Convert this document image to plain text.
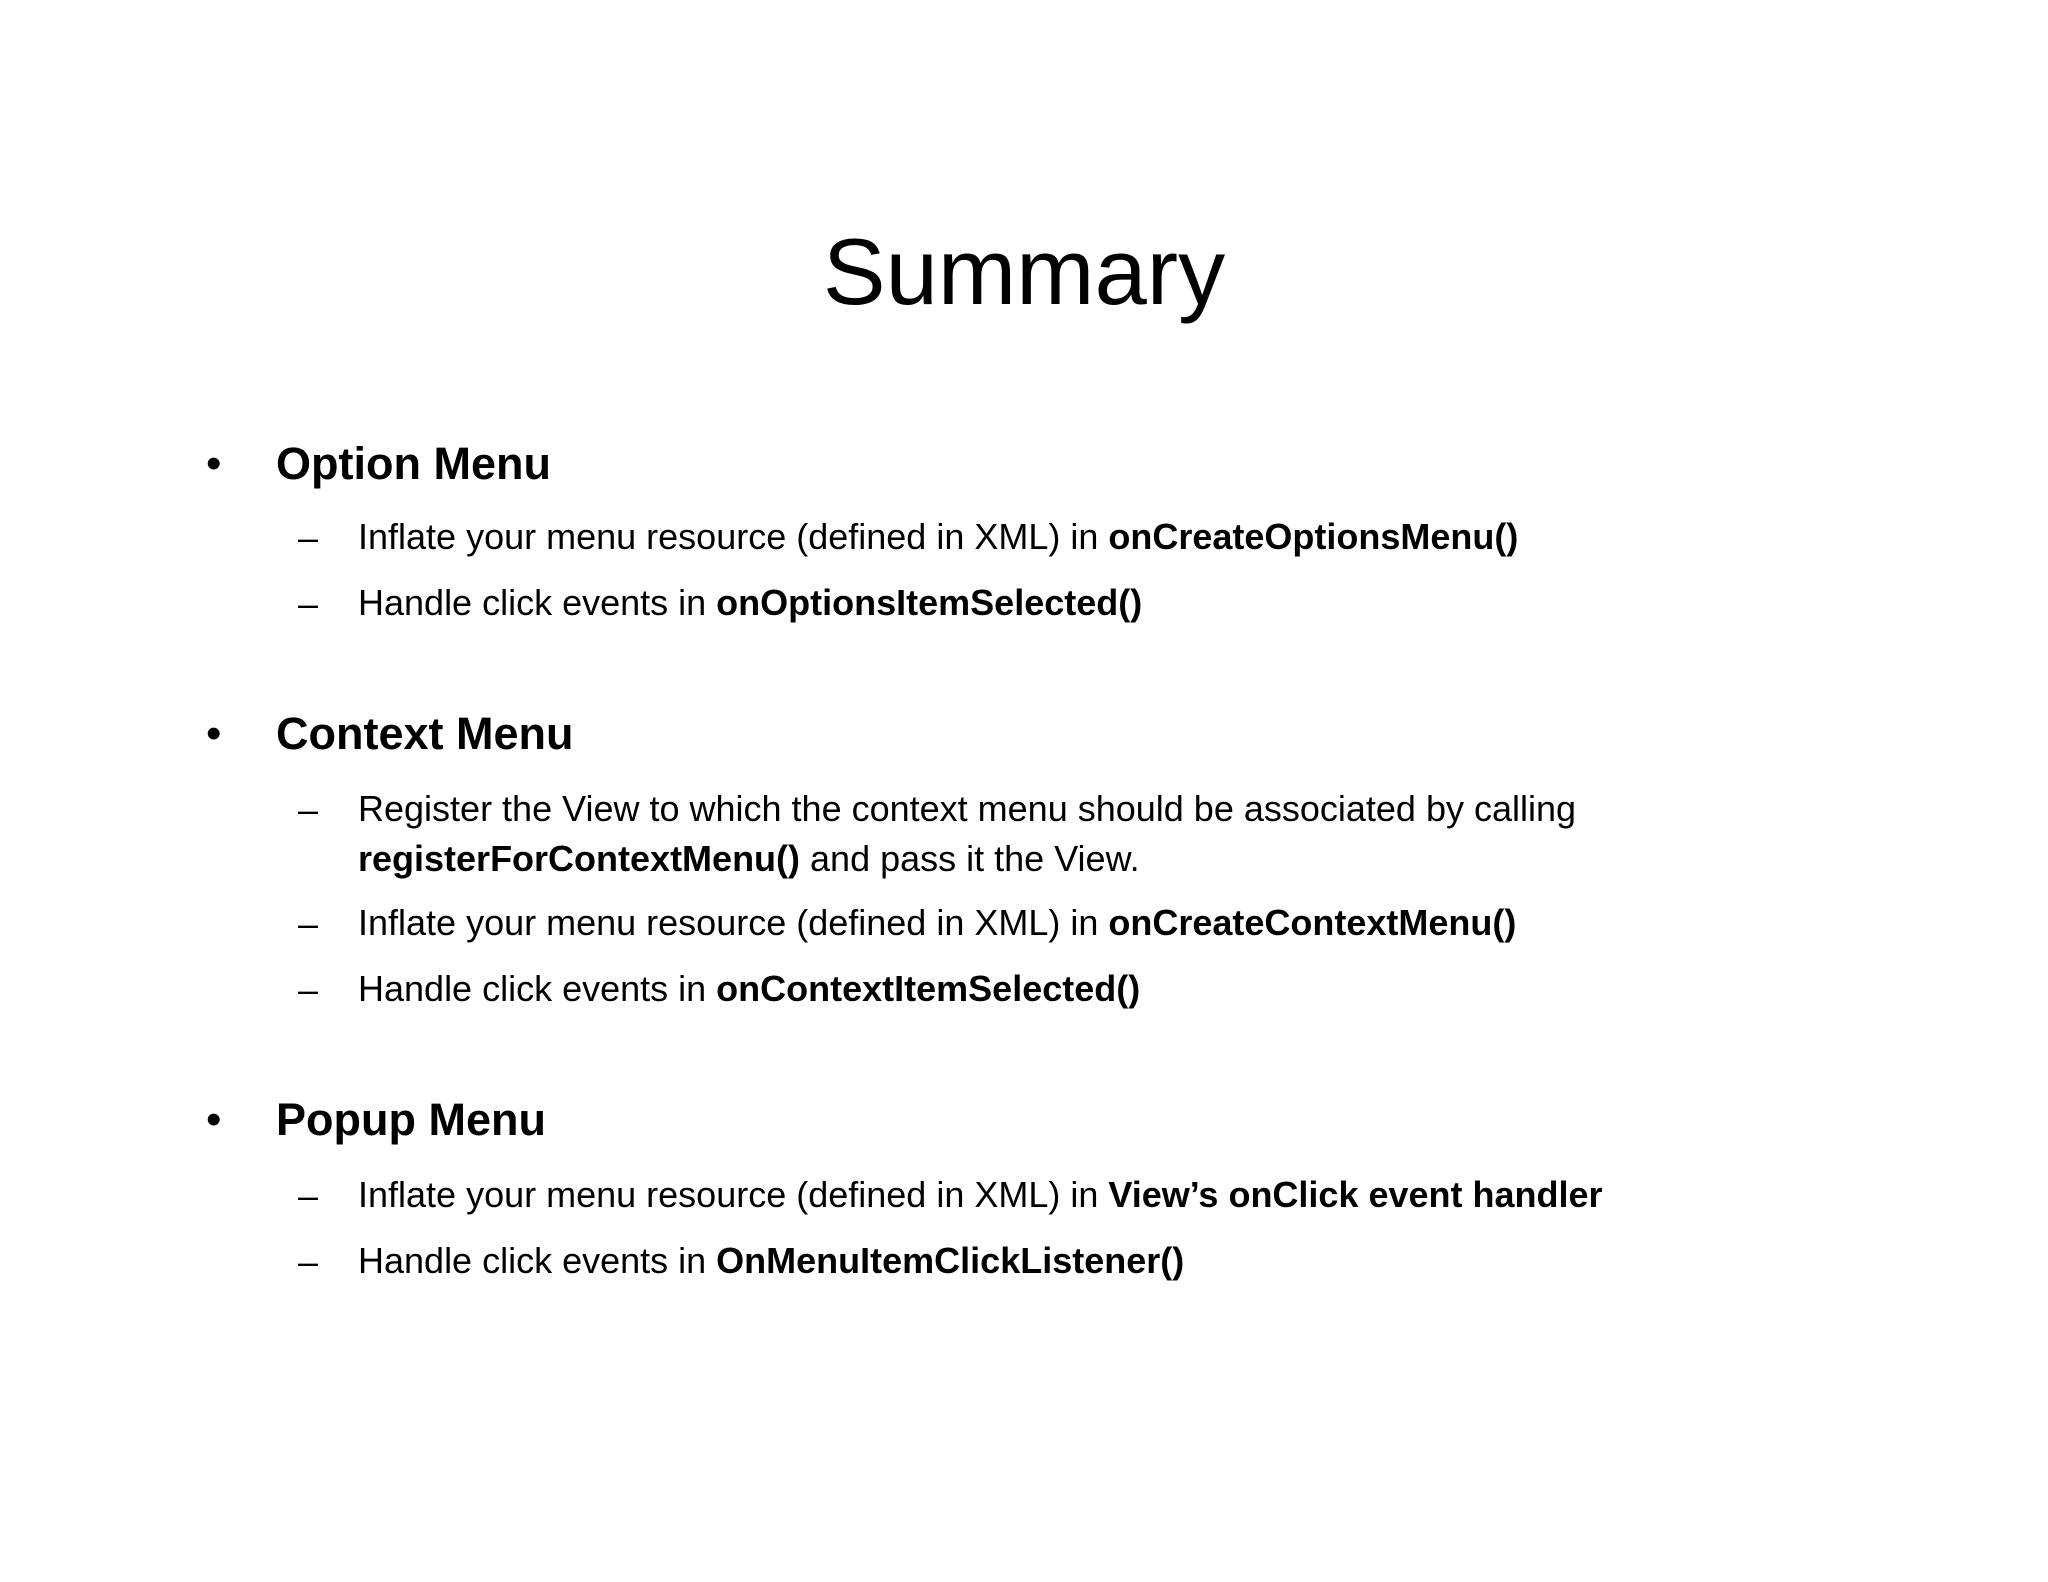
Summary
• Option Menu
– Inflate your menu resource (defined in XML) in onCreateOptionsMenu()
– Handle click events in onOptionsItemSelected()
• Context Menu
– Register the View to which the context menu should be associated by calling
registerForContextMenu() and pass it the View.
– Inflate your menu resource (defined in XML) in onCreateContextMenu()
– Handle click events in onContextItemSelected()
• Popup Menu
– Inflate your menu resource (defined in XML) in View’s onClick event handler
– Handle click events in OnMenuItemClickListener()
